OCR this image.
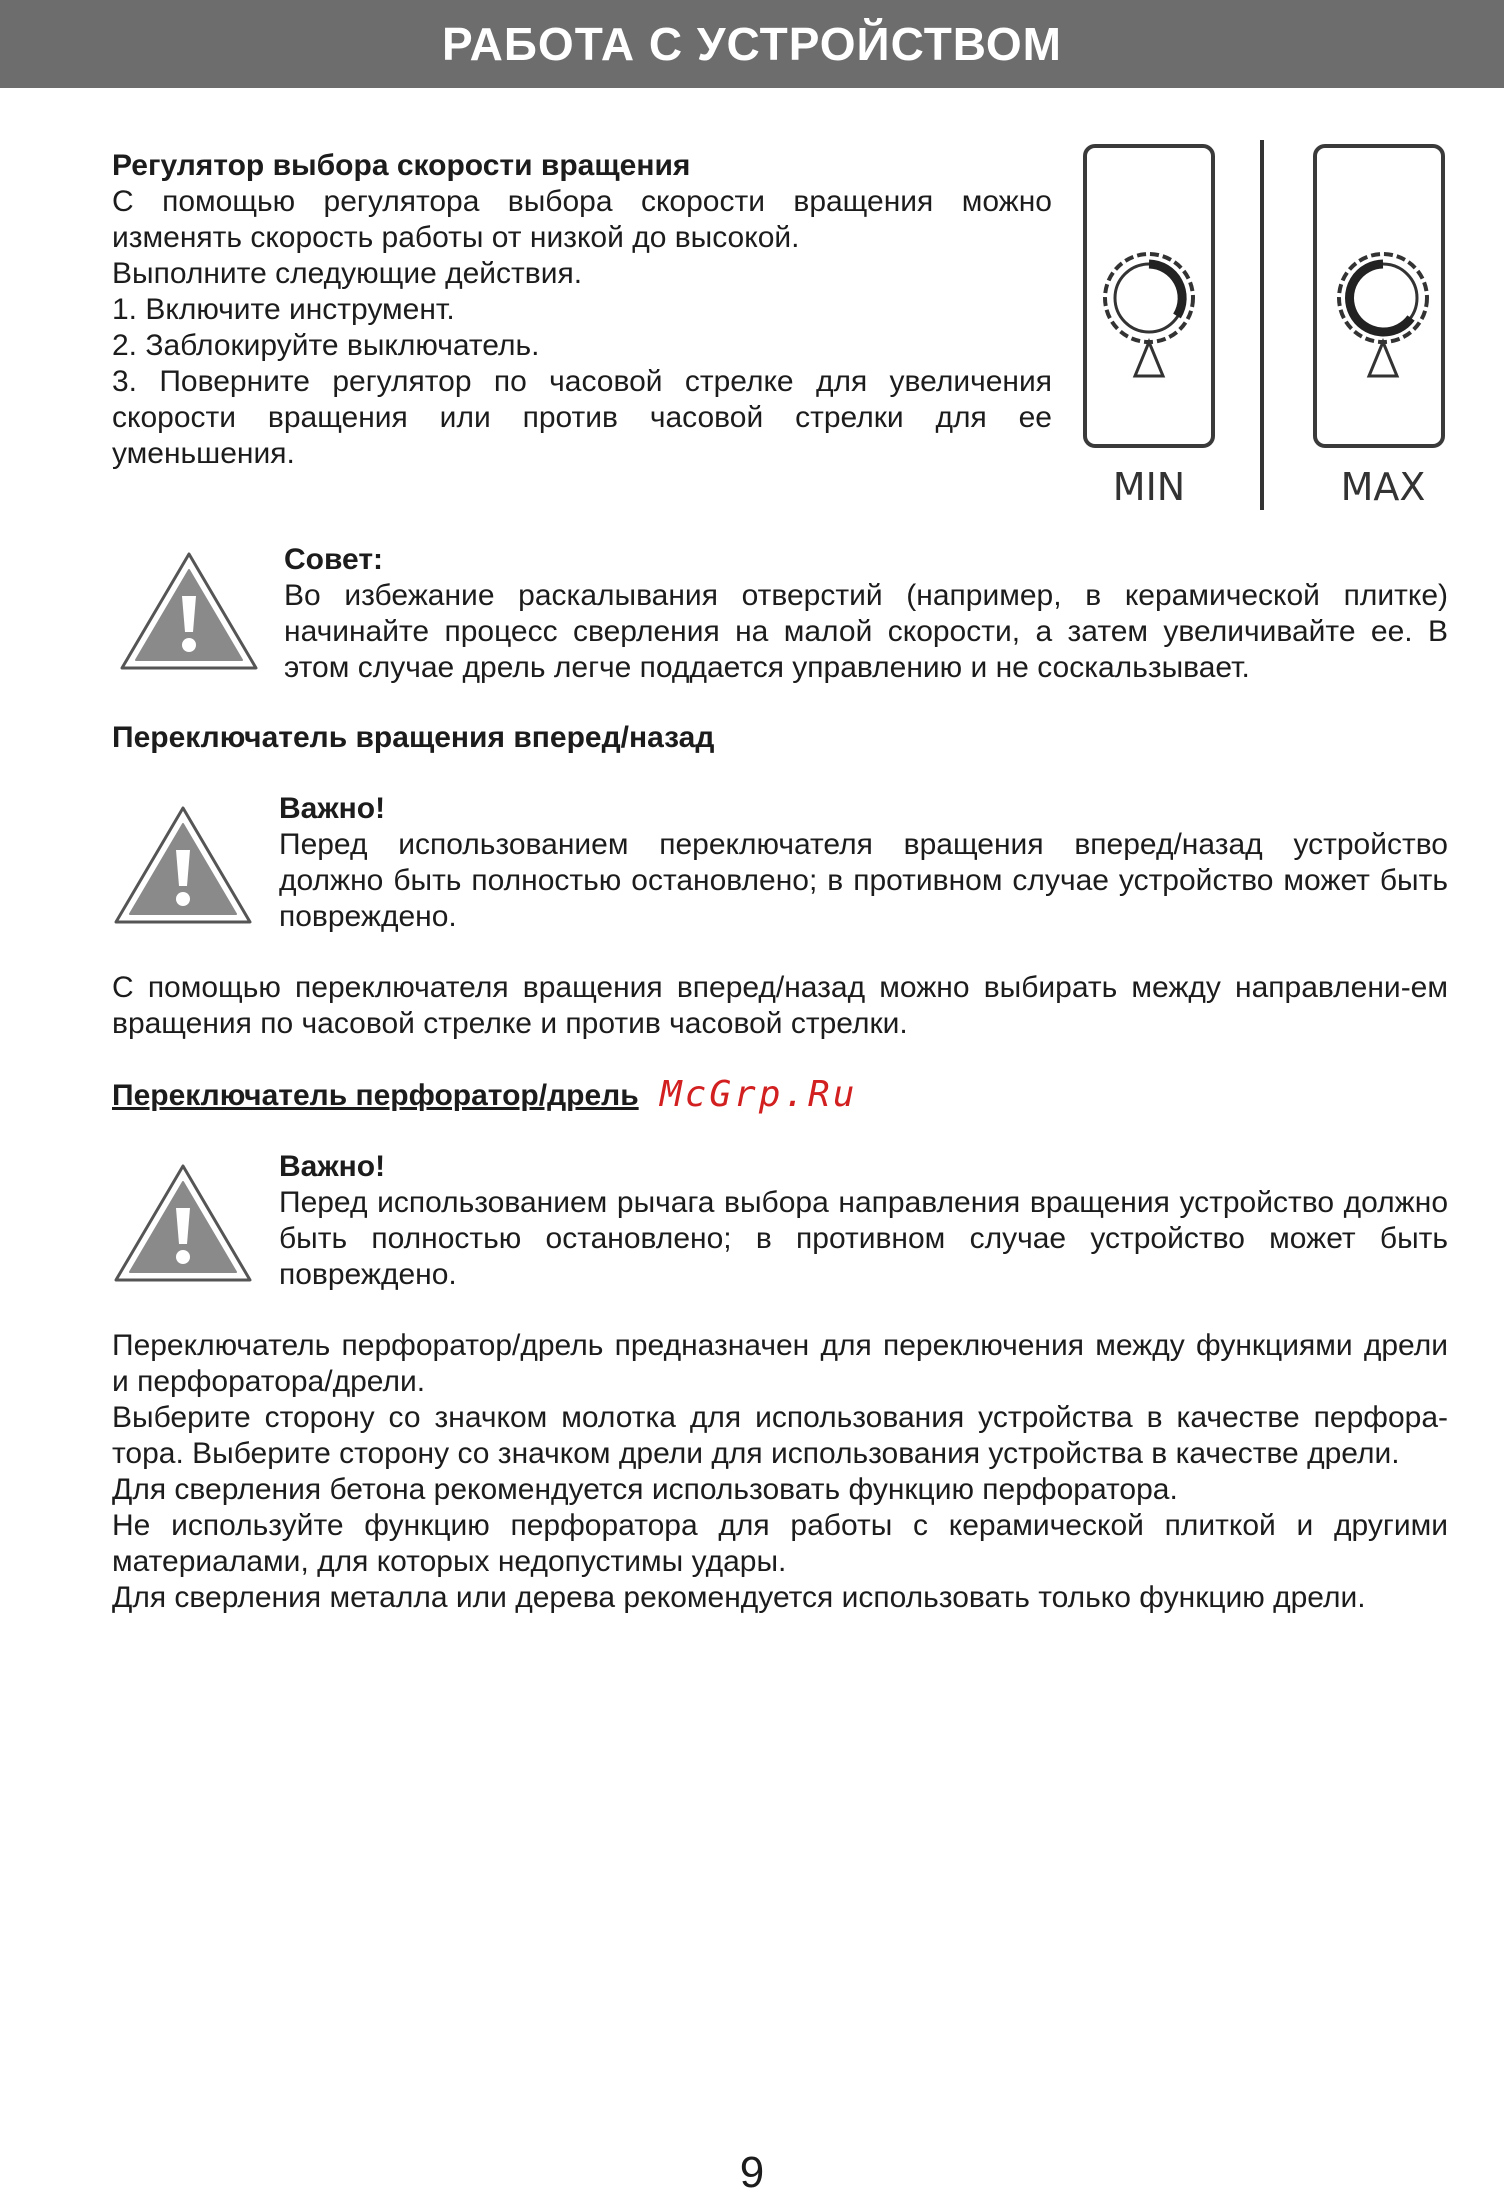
РАБОТА С УСТРОЙСТВОМ

Регулятор выбора скорости вращения

С помощью регулятора выбора скорости вращения можно изменять скорость работы от низкой до высокой.

Выполните следующие действия.

1. Включите инструмент.

2. Заблокируйте выключатель.

3. Поверните регулятор по часовой стрелке для увеличения скорости вращения или против часовой стрелки для ее уменьшения.

MIN	MAX

Совет:

Во избежание раскалывания отверстий (например, в керамической плитке) начинайте процесс сверления на малой скорости, а затем увеличивайте ее. В этом случае дрель легче поддается управлению и не соскальзывает.

Переключатель вращения вперед/назад

Важно!

Перед использованием переключателя вращения вперед/назад устройство должно быть полностью остановлено; в противном случае устройство может быть повреждено.

С помощью переключателя вращения вперед/назад можно выбирать между направлени-ем вращения по часовой стрелке и против часовой стрелки.

Переключатель перфоратор/дрель McGrp.Ru

Важно!

Перед использованием рычага выбора направления вращения устройство должно быть полностью остановлено; в противном случае устройство может быть повреждено.

Переключатель перфоратор/дрель предназначен для переключения между функциями дрели и перфоратора/дрели.

Выберите сторону со значком молотка для использования устройства в качестве перфора-тора. Выберите сторону со значком дрели для использования устройства в качестве дрели.

Для сверления бетона рекомендуется использовать функцию перфоратора.

Не используйте функцию перфоратора для работы с керамической плиткой и другими материалами, для которых недопустимы удары.

Для сверления металла или дерева рекомендуется использовать только функцию дрели.

9
